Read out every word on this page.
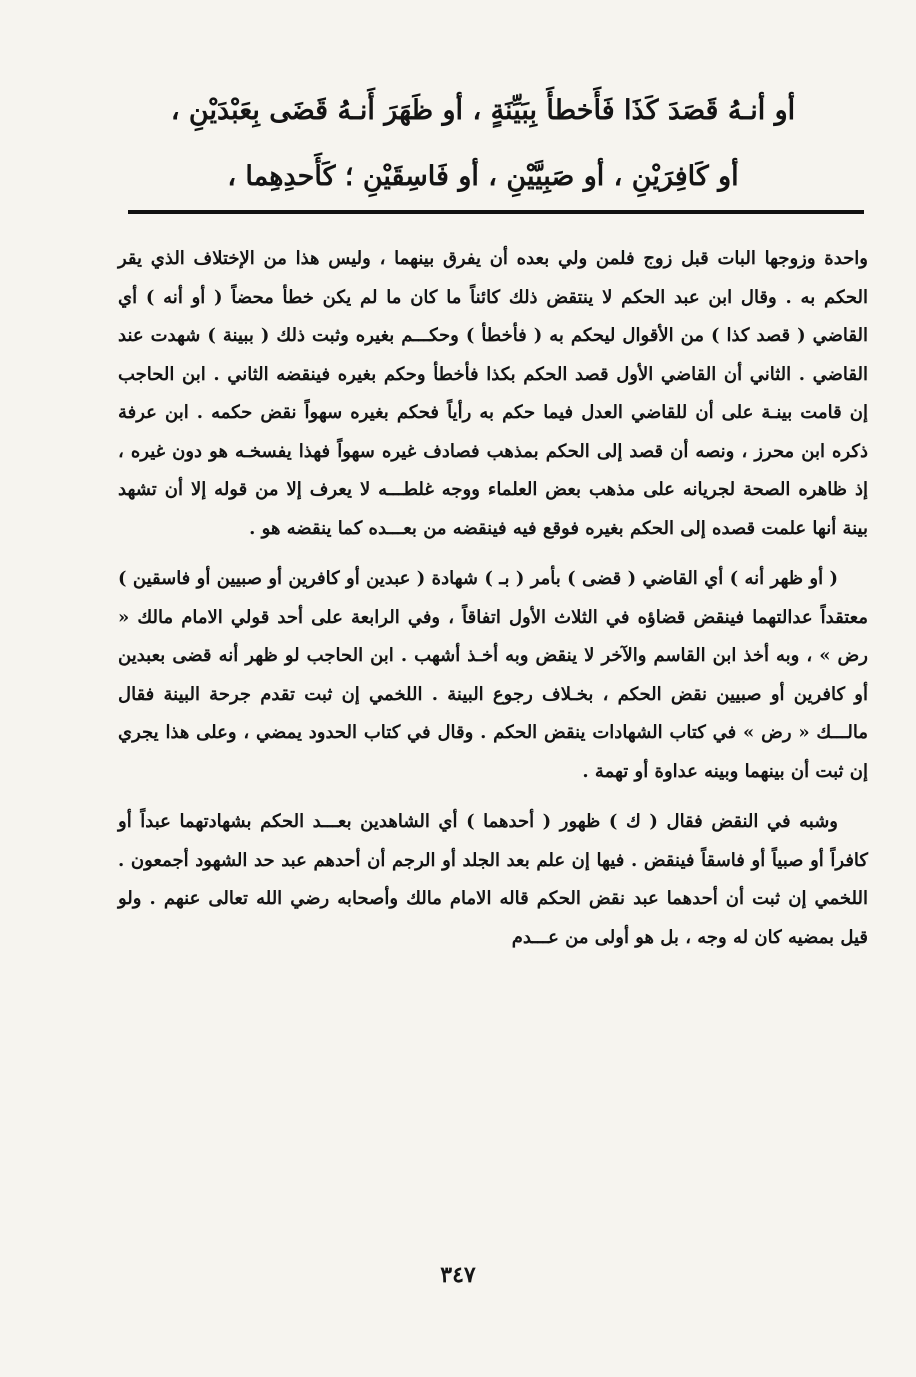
أو أنـهُ قَصَدَ كَذَا فَأَخطأَ بِبَيِّنَةٍ ، أو ظَهَرَ أَنـهُ قَضَى بِعَبْدَيْنِ ،
أو كَافِرَيْنِ ، أو صَبِيَّيْنِ ، أو فَاسِقَيْنِ ؛ كَأَحدِهِما ،

واحدة وزوجها البات قبل زوج فلمن ولي بعده أن يفرق بينهما ، وليس هذا من الإختلاف الذي يقر الحكم به . وقال ابن عبد الحكم لا ينتقض ذلك كائناً ما كان ما لم يكن خطأ محضاً ( أو أنه ) أي القاضي ( قصد كذا ) من الأقوال ليحكم به ( فأخطأ ) وحكـــم بغيره وثبت ذلك ( ببينة ) شهدت عند القاضي . الثاني أن القاضي الأول قصد الحكم بكذا فأخطأ وحكم بغيره فينقضه الثاني . ابن الحاجب إن قامت بينـة على أن للقاضي العدل فيما حكم به رأياً فحكم بغيره سهواً نقض حكمه . ابن عرفة ذكره ابن محرز ، ونصه أن قصد إلى الحكم بمذهب فصادف غيره سهواً فهذا يفسخـه هو دون غيره ، إذ ظاهره الصحة لجريانه على مذهب بعض العلماء ووجه غلطـــه لا يعرف إلا من قوله إلا أن تشهد بينة أنها علمت قصده إلى الحكم بغيره فوقع فيه فينقضه من بعـــده كما ينقضه هو .

( أو ظهر أنه ) أي القاضي ( قضى ) بأمر ( بـ ) شهادة ( عبدين أو كافرين أو صبيين أو فاسقين ) معتقداً عدالتهما فينقض قضاؤه في الثلاث الأول اتفاقاً ، وفي الرابعة على أحد قولي الامام مالك « رض » ، وبه أخذ ابن القاسم والآخر لا ينقض وبه أخـذ أشهب . ابن الحاجب لو ظهر أنه قضى بعبدين أو كافرين أو صبيين نقض الحكم ، بخـلاف رجوع البينة . اللخمي إن ثبت تقدم جرحة البينة فقال مالـــك « رض » في كتاب الشهادات ينقض الحكم . وقال في كتاب الحدود يمضي ، وعلى هذا يجري إن ثبت أن بينهما وبينه عداوة أو تهمة .

وشبه في النقض فقال ( ك ) ظهور ( أحدهما ) أي الشاهدين بعـــد الحكم بشهادتهما عبداً أو كافراً أو صبياً أو فاسقاً فينقض . فيها إن علم بعد الجلد أو الرجم أن أحدهم عبد حد الشهود أجمعون . اللخمي إن ثبت أن أحدهما عبد نقض الحكم قاله الامام مالك وأصحابه رضي الله تعالى عنهم . ولو قيل بمضيه كان له وجه ، بل هو أولى من عـــدم

٣٤٧
